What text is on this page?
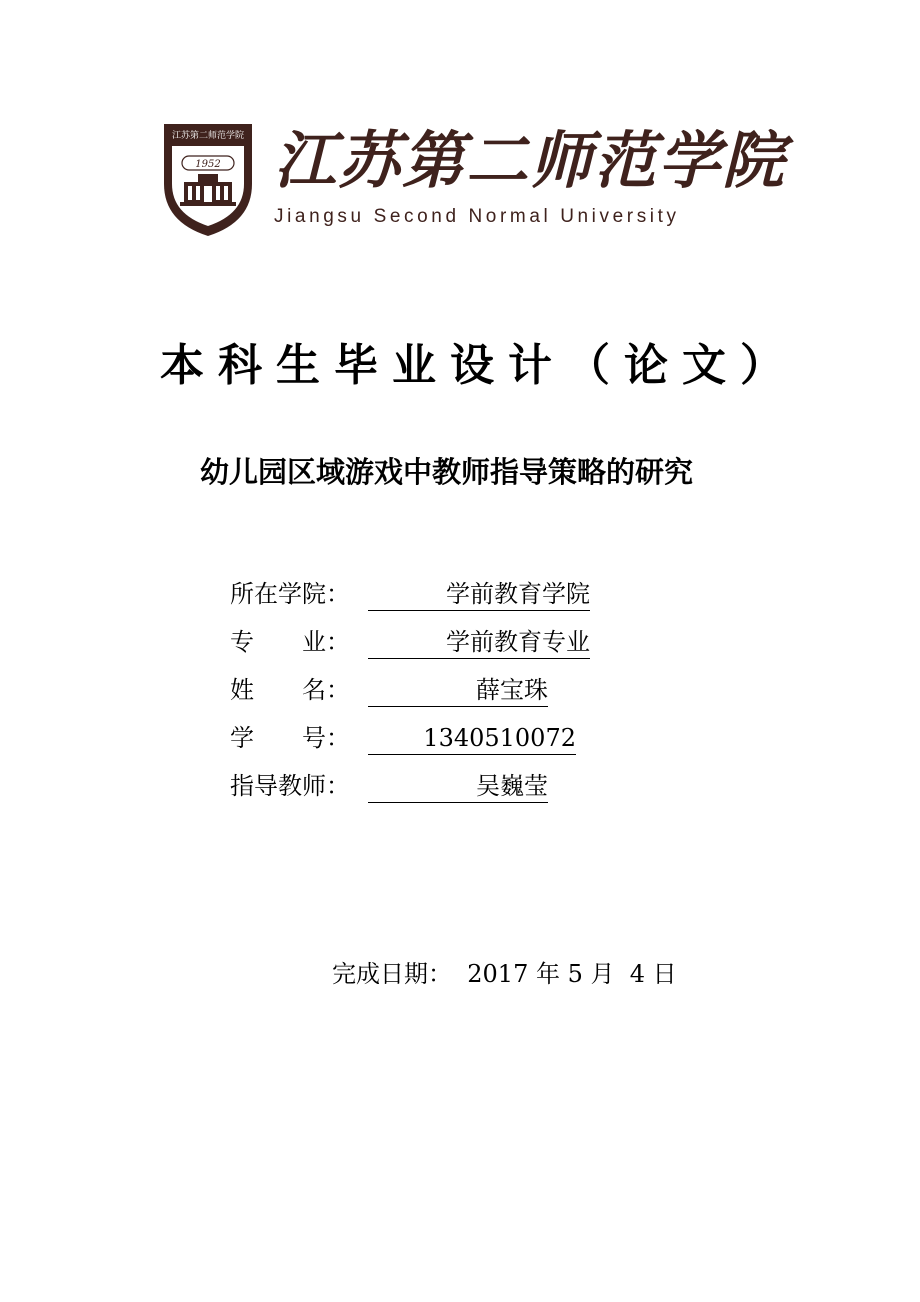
1952
江苏第二师范学院 江苏第二师范学院
Jiangsu Second Normal University
本科生毕业设计（论文）
幼儿园区域游戏中教师指导策略的研究
所在学院：	学前教育学院
专　　业：	学前教育专业
姓　　名：	薛宝珠
学　　号：	1340510072
指导教师：	吴巍莹
完成日期： 2017 年 5 月  4 日
